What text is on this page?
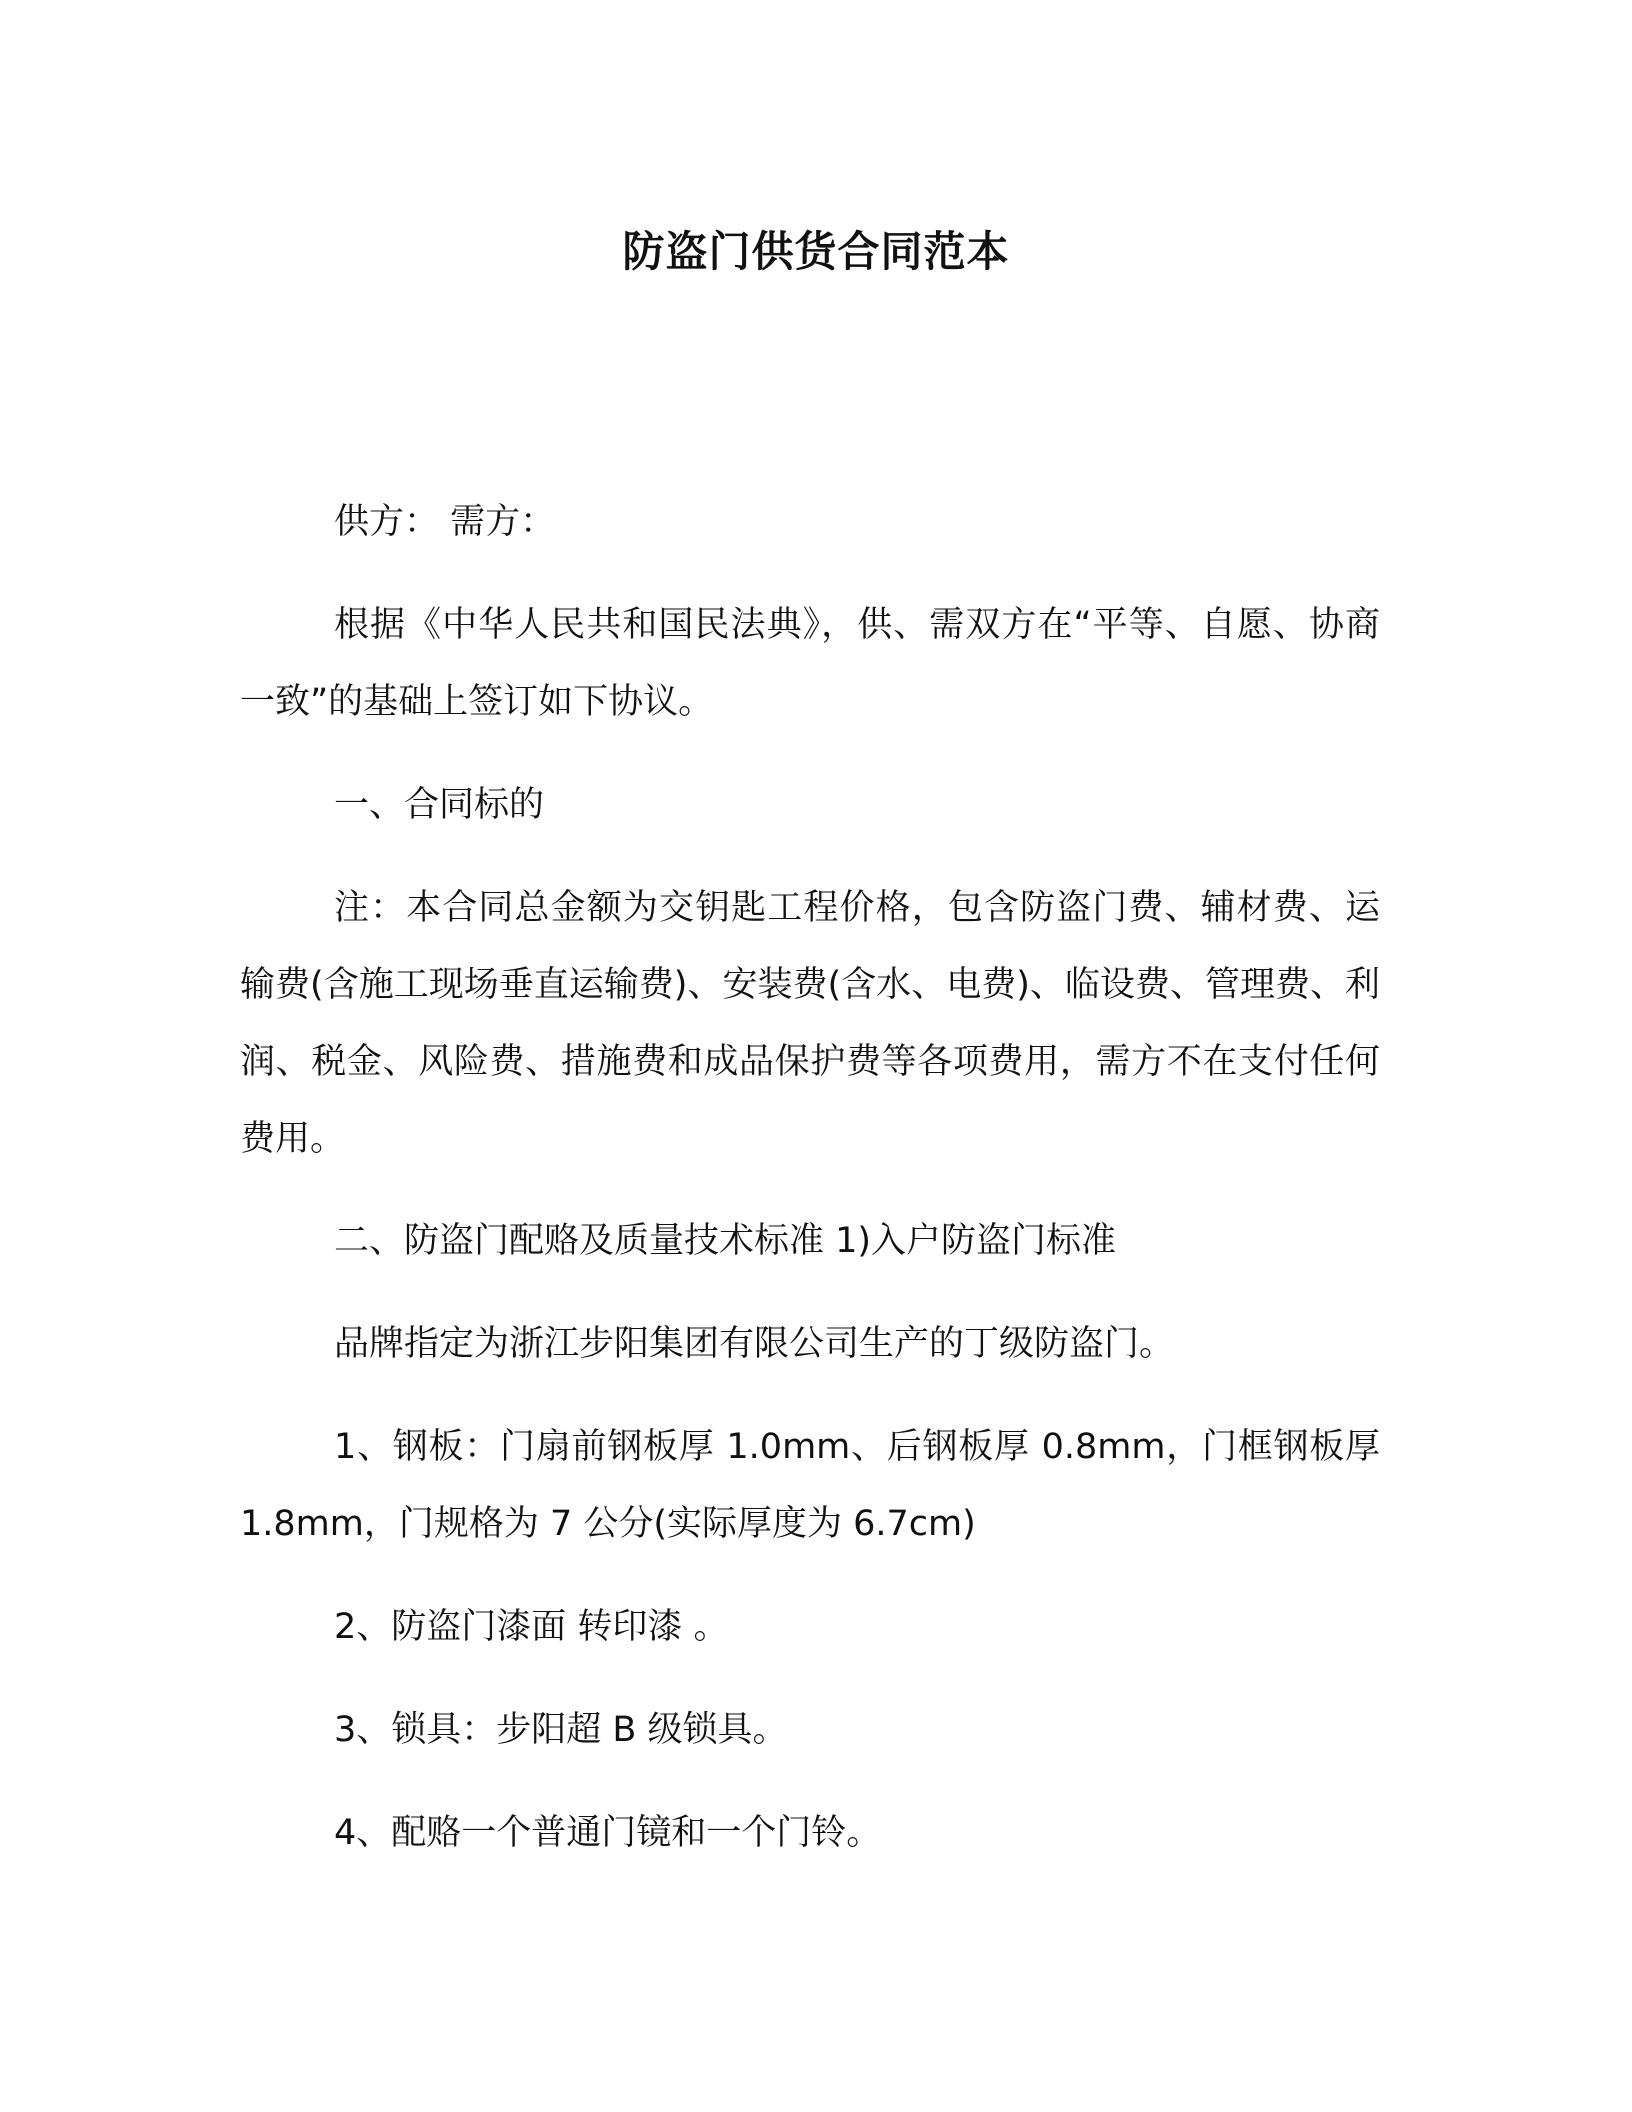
防盗门供货合同范本

供方： 需方：

根据《中华人民共和国民法典》，供、需双方在“平等、自愿、协商一致”的基础上签订如下协议。

一、合同标的

注：本合同总金额为交钥匙工程价格，包含防盗门费、辅材费、运输费(含施工现场垂直运输费)、安装费(含水、电费)、临设费、管理费、利润、税金、风险费、措施费和成品保护费等各项费用，需方不在支付任何费用。

二、防盗门配赂及质量技术标准 1)入户防盗门标准

品牌指定为浙江步阳集团有限公司生产的丁级防盗门。

1、钢板：门扇前钢板厚 1.0mm、后钢板厚 0.8mm，门框钢板厚 1.8mm，门规格为 7 公分(实际厚度为 6.7cm)

2、防盗门漆面 转印漆 。

3、锁具：步阳超 B 级锁具。

4、配赂一个普通门镜和一个门铃。
